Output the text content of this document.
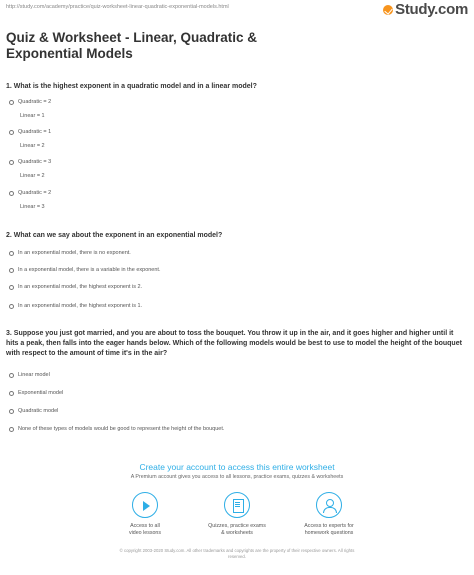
http://study.com/academy/practice/quiz-worksheet-linear-quadratic-exponential-models.html	Study.com
Quiz & Worksheet - Linear, Quadratic & Exponential Models
1. What is the highest exponent in a quadratic model and in a linear model?
Quadratic = 2
Linear = 1
Quadratic = 1
Linear = 2
Quadratic = 3
Linear = 2
Quadratic = 2
Linear = 3
2. What can we say about the exponent in an exponential model?
In an exponential model, there is no exponent.
In a exponential model, there is a variable in the exponent.
In an exponential model, the highest exponent is 2.
In an exponential model, the highest exponent is 1.
3. Suppose you just got married, and you are about to toss the bouquet. You throw it up in the air, and it goes higher and higher until it hits a peak, then falls into the eager hands below. Which of the following models would be best to use to model the height of the bouquet with respect to the amount of time it's in the air?
Linear model
Exponential model
Quadratic model
None of these types of models would be good to represent the height of the bouquet.
Create your account to access this entire worksheet
A Premium account gives you access to all lessons, practice exams, quizzes & worksheets
Access to all
video lessons
Quizzes, practice exams
& worksheets
Access to experts for
homework questions
© copyright 2003-2020 Study.com. All other trademarks and copyrights are the property of their respective owners. All rights
reserved.
